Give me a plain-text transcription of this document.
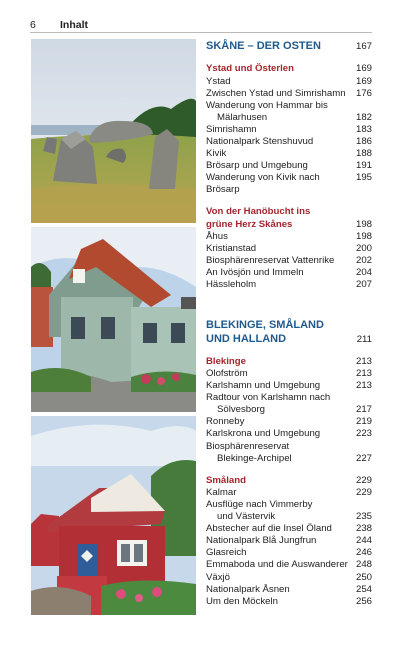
6 Inhalt
SKÅNE – DER OSTEN	167
Ystad und Österlen	169
Ystad	169
Zwischen Ystad und Simrishamn	176
Wanderung von Hammar bis
Mälarhusen	182
Simrishamn	183
Nationalpark Stenshuvud	186
Kivik	188
Brösarp und Umgebung	191
Wanderung von Kivik nach Brösarp
195
Von der Hanöbucht ins
grüne Herz Skånes	198
Åhus	198
Kristianstad	200
Biosphärenreservat Vattenrike	202
An Ivösjön und Immeln	204
Hässleholm	207
BLEKINGE, SMÅLAND
UND HALLAND	211
Blekinge	213
Olofström	213
Karlshamn und Umgebung	213
Radtour von Karlshamn nach
Sölvesborg	217
Ronneby	219
Karlskrona und Umgebung	223
Biosphärenreservat
Blekinge-Archipel	227
Småland	229
Kalmar	229
Ausflüge nach Vimmerby
und Västervik	235
Abstecher auf die Insel Öland	238
Nationalpark Blå Jungfrun	244
Glasreich	246
Emmaboda und die Auswanderer 248
Växjö	250
Nationalpark Åsnen	254
Um den Möckeln	256
